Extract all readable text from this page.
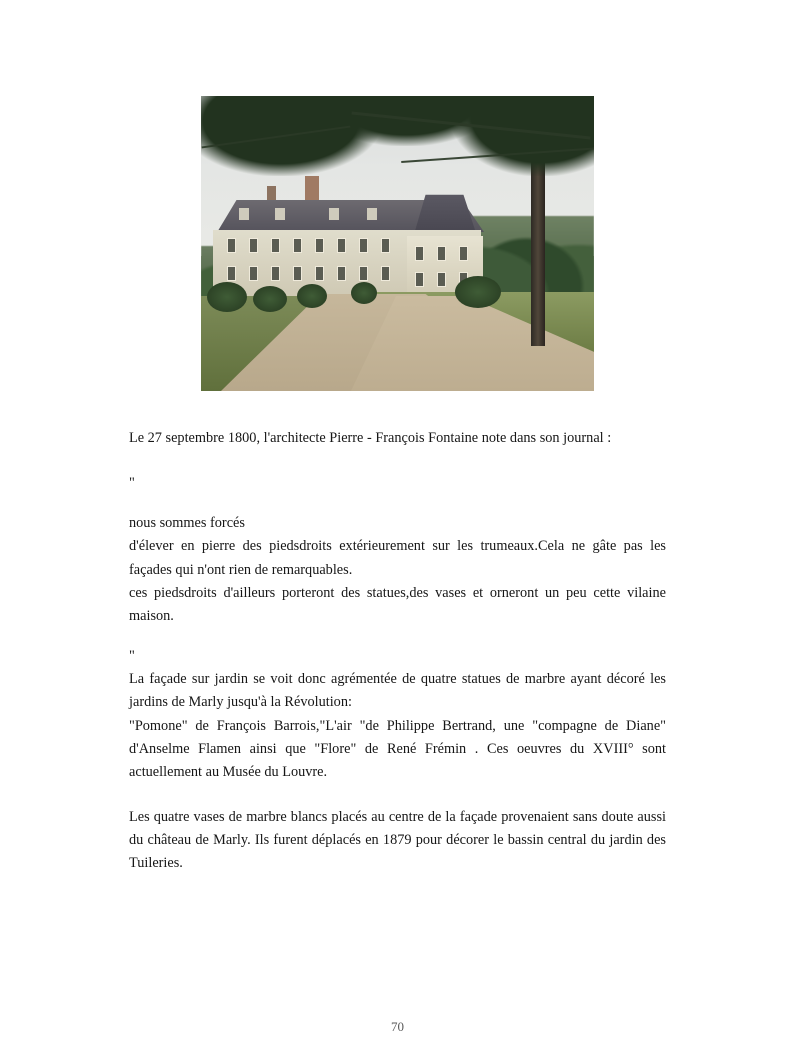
Le 27 septembre 1800, l'architecte Pierre - François Fontaine note dans son journal :

"

nous sommes forcés

d'élever en pierre des piedsdroits extérieurement sur les trumeaux.Cela ne gâte pas les façades qui n'ont rien de remarquables.

ces piedsdroits d'ailleurs porteront des statues,des vases et orneront un peu cette vilaine maison.

"

La façade sur jardin se voit donc agrémentée de quatre statues de marbre ayant décoré les jardins de Marly jusqu'à la Révolution:

"Pomone" de François Barrois,"L'air "de Philippe Bertrand, une "compagne de Diane" d'Anselme Flamen ainsi que "Flore" de René Frémin . Ces oeuvres du XVIII° sont actuellement au Musée du Louvre.

Les quatre vases de marbre blancs placés au centre de la façade provenaient sans doute aussi du château de Marly. Ils furent déplacés en 1879 pour décorer le bassin central du jardin des Tuileries.

70
